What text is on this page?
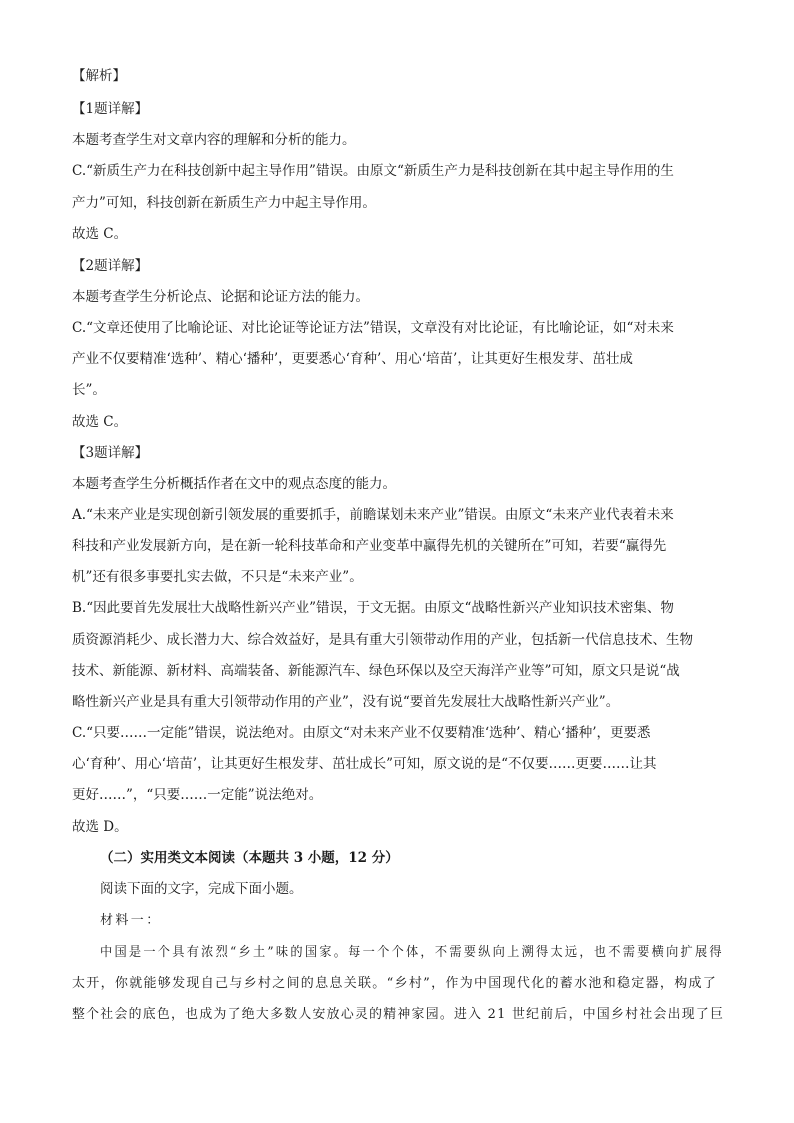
【解析】
【1题详解】
本题考查学生对文章内容的理解和分析的能力。
C.“新质生产力在科技创新中起主导作用”错误。由原文“新质生产力是科技创新在其中起主导作用的生
产力”可知，科技创新在新质生产力中起主导作用。
故选 C。
【2题详解】
本题考查学生分析论点、论据和论证方法的能力。
C.“文章还使用了比喻论证、对比论证等论证方法”错误，文章没有对比论证，有比喻论证，如“对未来
产业不仅要精准‘选种’、精心‘播种’，更要悉心‘育种’、用心‘培苗’，让其更好生根发芽、茁壮成
长”。
故选 C。
【3题详解】
本题考查学生分析概括作者在文中的观点态度的能力。
A.“未来产业是实现创新引领发展的重要抓手，前瞻谋划未来产业”错误。由原文“未来产业代表着未来
科技和产业发展新方向，是在新一轮科技革命和产业变革中赢得先机的关键所在”可知，若要“赢得先
机”还有很多事要扎实去做，不只是“未来产业”。
B.“因此要首先发展壮大战略性新兴产业”错误，于文无据。由原文“战略性新兴产业知识技术密集、物
质资源消耗少、成长潜力大、综合效益好，是具有重大引领带动作用的产业，包括新一代信息技术、生物
技术、新能源、新材料、高端装备、新能源汽车、绿色环保以及空天海洋产业等”可知，原文只是说“战
略性新兴产业是具有重大引领带动作用的产业”，没有说“要首先发展壮大战略性新兴产业”。
C.“只要……一定能”错误，说法绝对。由原文“对未来产业不仅要精准‘选种’、精心‘播种’，更要悉
心‘育种’、用心‘培苗’，让其更好生根发芽、茁壮成长”可知，原文说的是“不仅要……更要……让其
更好……”，“只要……一定能”说法绝对。
故选 D。
（二）实用类文本阅读（本题共 3 小题，12 分）
阅读下面的文字，完成下面小题。
材料一：
中国是一个具有浓烈“乡土”味的国家。每一个个体，不需要纵向上溯得太远，也不需要横向扩展得
太开，你就能够发现自己与乡村之间的息息关联。“乡村”，作为中国现代化的蓄水池和稳定器，构成了
整个社会的底色，也成为了绝大多数人安放心灵的精神家园。进入 21 世纪前后，中国乡村社会出现了巨
